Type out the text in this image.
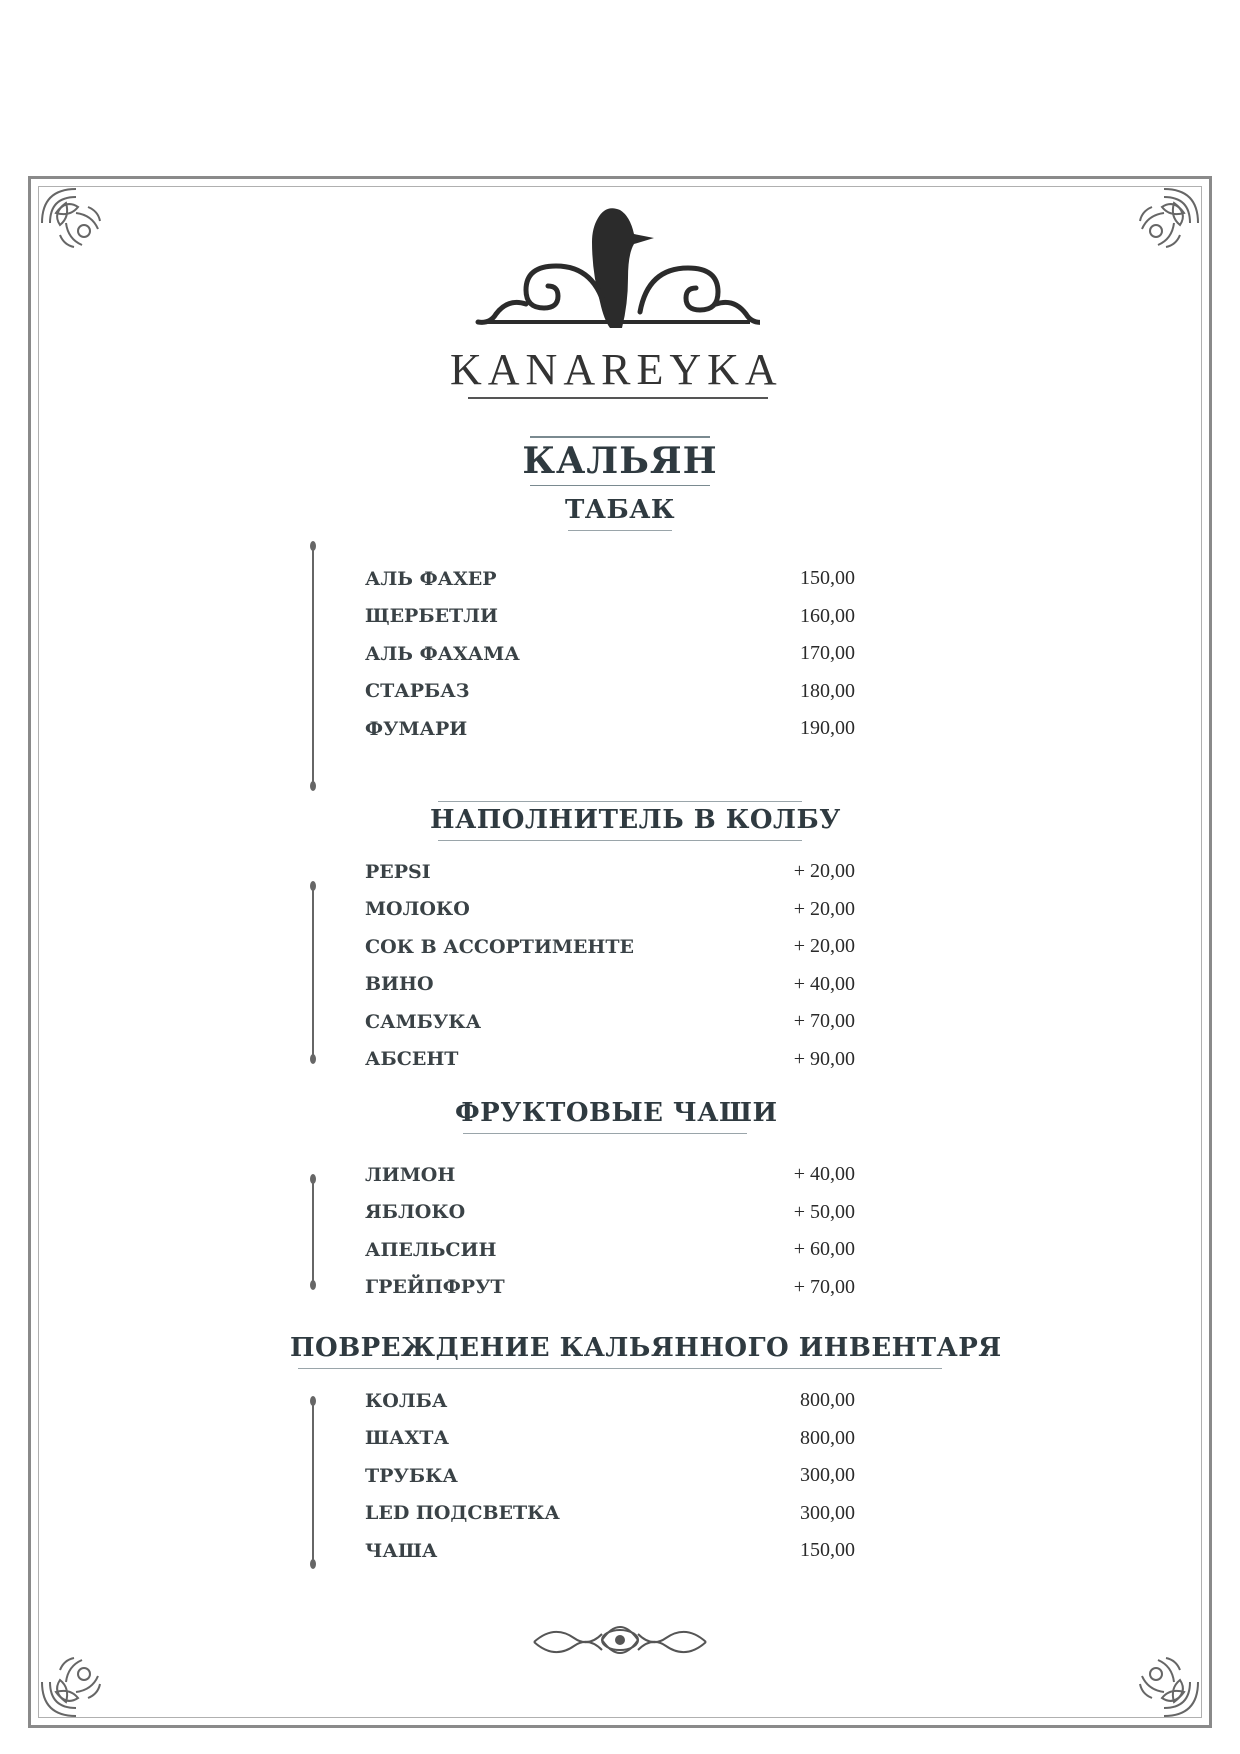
KANAREYKA
КАЛЬЯН
ТАБАК
АЛЬ ФАХЕР	150,00
ЩЕРБЕТЛИ	160,00
АЛЬ ФАХАМА	170,00
СТАРБАЗ	180,00
ФУМАРИ	190,00
НАПОЛНИТЕЛЬ В КОЛБУ
PEPSI	+ 20,00
МОЛОКО	+ 20,00
СОК В АССОРТИМЕНТЕ	+ 20,00
ВИНО	+ 40,00
САМБУКА	+ 70,00
АБСЕНТ	+ 90,00
ФРУКТОВЫЕ ЧАШИ
ЛИМОН	+ 40,00
ЯБЛОКО	+ 50,00
АПЕЛЬСИН	+ 60,00
ГРЕЙПФРУТ	+ 70,00
ПОВРЕЖДЕНИЕ КАЛЬЯННОГО ИНВЕНТАРЯ
КОЛБА	800,00
ШАХТА	800,00
ТРУБКА	300,00
LED ПОДСВЕТКА	300,00
ЧАША	150,00
